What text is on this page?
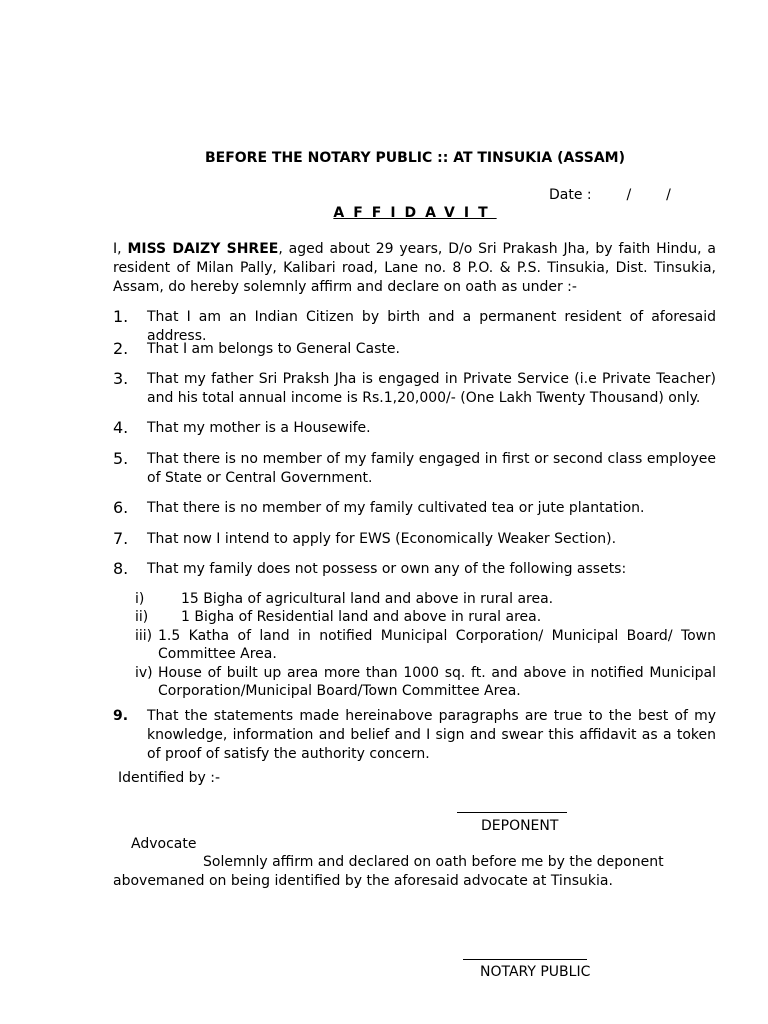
BEFORE THE NOTARY PUBLIC :: AT TINSUKIA (ASSAM)
Date : / /
AFFIDAVIT
I, MISS DAIZY SHREE, aged about 29 years, D/o Sri Prakash Jha, by faith Hindu, a resident of Milan Pally, Kalibari road, Lane no. 8 P.O. & P.S. Tinsukia, Dist. Tinsukia, Assam, do hereby solemnly affirm and declare on oath as under :-
1. That I am an Indian Citizen by birth and a permanent resident of aforesaid address.
2. That I am belongs to General Caste.
3. That my father Sri Praksh Jha is engaged in Private Service (i.e Private Teacher) and his total annual income is Rs.1,20,000/- (One Lakh Twenty Thousand) only.
4. That my mother is a Housewife.
5. That there is no member of my family engaged in first or second class employee of State or Central Government.
6. That there is no member of my family cultivated tea or jute plantation.
7. That now I intend to apply for EWS (Economically Weaker Section).
8. That my family does not possess or own any of the following assets:
i)	15 Bigha of agricultural land and above in rural area.
ii) 1 Bigha of Residential land and above in rural area.
iii) 1.5 Katha of land in notified Municipal Corporation/ Municipal Board/ Town Committee Area.
iv) House of built up area more than 1000 sq. ft. and above in notified Municipal Corporation/Municipal Board/Town Committee Area.
9. That the statements made hereinabove paragraphs are true to the best of my knowledge, information and belief and I sign and swear this affidavit as a token of proof of satisfy the authority concern.
Identified by :-
DEPONENT
Advocate
Solemnly affirm and declared on oath before me by the deponent
abovemaned on being identified by the aforesaid advocate at Tinsukia.
NOTARY PUBLIC
